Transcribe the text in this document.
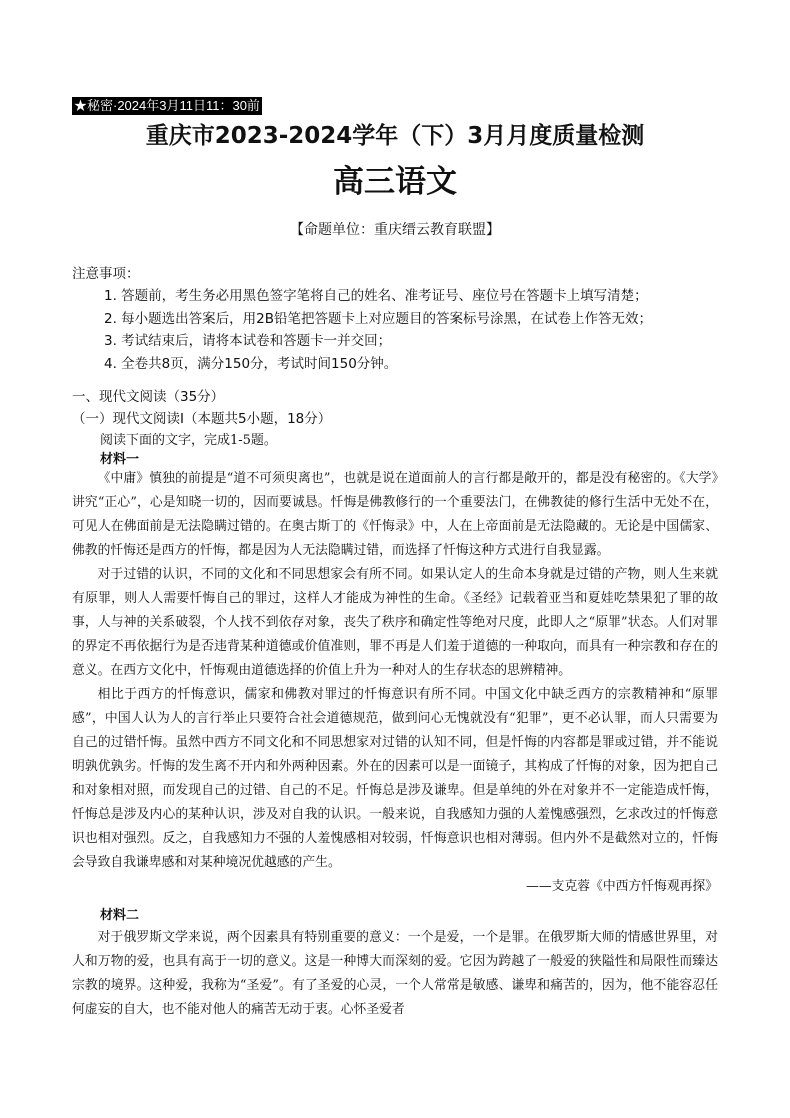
★秘密·2024年3月11日11：30前
重庆市2023-2024学年（下）3月月度质量检测
高三语文
【命题单位：重庆缙云教育联盟】
注意事项：
1. 答题前，考生务必用黑色签字笔将自己的姓名、准考证号、座位号在答题卡上填写清楚；
2. 每小题选出答案后，用2B铅笔把答题卡上对应题目的答案标号涂黑，在试卷上作答无效；
3. 考试结束后，请将本试卷和答题卡一并交回；
4. 全卷共8页，满分150分，考试时间150分钟。
一、现代文阅读（35分）
（一）现代文阅读Ⅰ（本题共5小题，18分）
阅读下面的文字，完成1-5题。
材料一

《中庸》慎独的前提是“道不可须臾离也”，也就是说在道面前人的言行都是敞开的，都是没有秘密的。《大学》讲究“正心”，心是知晓一切的，因而要诚恳。忏悔是佛教修行的一个重要法门，在佛教徒的修行生活中无处不在，可见人在佛面前是无法隐瞒过错的。在奥古斯丁的《忏悔录》中，人在上帝面前是无法隐藏的。无论是中国儒家、佛教的忏悔还是西方的忏悔，都是因为人无法隐瞒过错，而选择了忏悔这种方式进行自我显露。

对于过错的认识，不同的文化和不同思想家会有所不同。如果认定人的生命本身就是过错的产物，则人生来就有原罪，则人人需要忏悔自己的罪过，这样人才能成为神性的生命。《圣经》记载着亚当和夏娃吃禁果犯了罪的故事，人与神的关系破裂，个人找不到依存对象，丧失了秩序和确定性等绝对尺度，此即人之“原罪”状态。人们对罪的界定不再依据行为是否违背某种道德或价值准则，罪不再是人们羞于道德的一种取向，而具有一种宗教和存在的意义。在西方文化中，忏悔观由道德选择的价值上升为一种对人的生存状态的思辨精神。

相比于西方的忏悔意识，儒家和佛教对罪过的忏悔意识有所不同。中国文化中缺乏西方的宗教精神和“原罪感”，中国人认为人的言行举止只要符合社会道德规范，做到问心无愧就没有“犯罪”，更不必认罪，而人只需要为自己的过错忏悔。虽然中西方不同文化和不同思想家对过错的认知不同，但是忏悔的内容都是罪或过错，并不能说明孰优孰劣。忏悔的发生离不开内和外两种因素。外在的因素可以是一面镜子，其构成了忏悔的对象，因为把自己和对象相对照，而发现自己的过错、自己的不足。忏悔总是涉及谦卑。但是单纯的外在对象并不一定能造成忏悔，忏悔总是涉及内心的某种认识，涉及对自我的认识。一般来说，自我感知力强的人羞愧感强烈，乞求改过的忏悔意识也相对强烈。反之，自我感知力不强的人羞愧感相对较弱，忏悔意识也相对薄弱。但内外不是截然对立的，忏悔会导致自我谦卑感和对某种境况优越感的产生。

——支克蓉《中西方忏悔观再探》

材料二

对于俄罗斯文学来说，两个因素具有特别重要的意义：一个是爱，一个是罪。在俄罗斯大师的情感世界里，对人和万物的爱，也具有高于一切的意义。这是一种博大而深刻的爱。它因为跨越了一般爱的狭隘性和局限性而臻达宗教的境界。这种爱，我称为“圣爱”。有了圣爱的心灵，一个人常常是敏感、谦卑和痛苦的，因为，他不能容忍任何虚妄的自大，也不能对他人的痛苦无动于衷。心怀圣爱者
